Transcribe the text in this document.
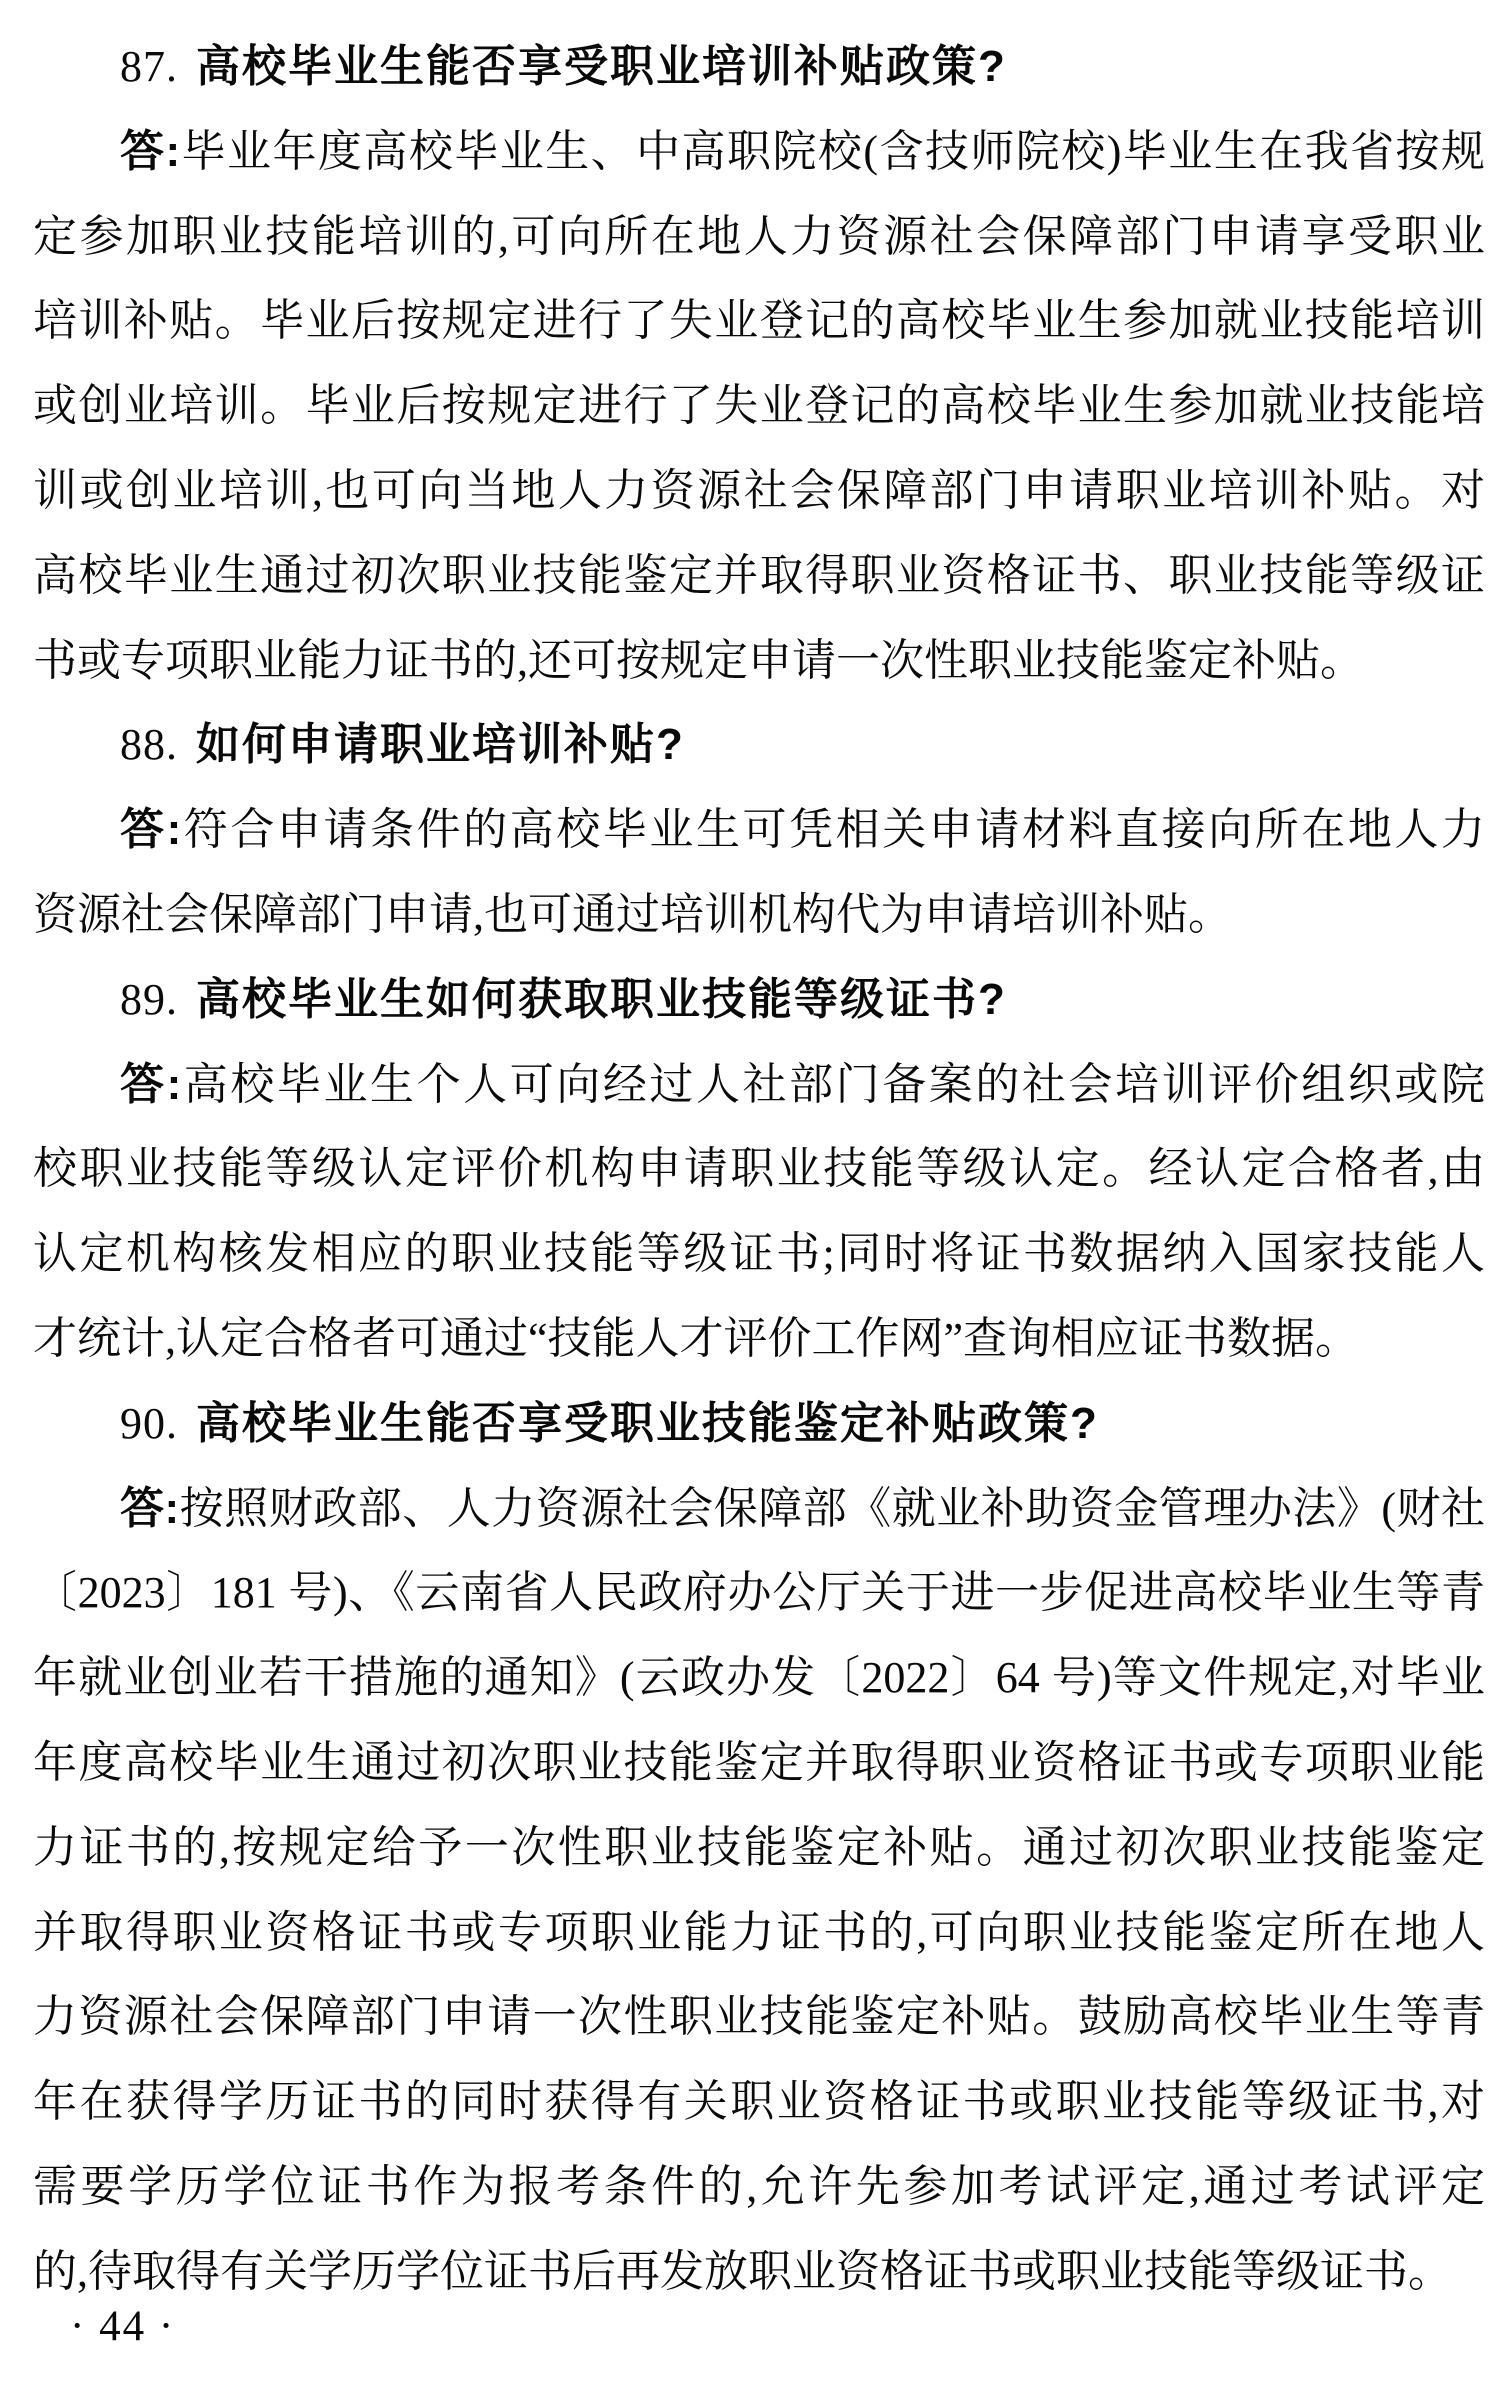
87. 高校毕业生能否享受职业培训补贴政策?
答:毕业年度高校毕业生、中高职院校(含技师院校)毕业生在我省按规
定参加职业技能培训的,可向所在地人力资源社会保障部门申请享受职业
培训补贴。毕业后按规定进行了失业登记的高校毕业生参加就业技能培训
或创业培训。毕业后按规定进行了失业登记的高校毕业生参加就业技能培
训或创业培训,也可向当地人力资源社会保障部门申请职业培训补贴。对
高校毕业生通过初次职业技能鉴定并取得职业资格证书、职业技能等级证
书或专项职业能力证书的,还可按规定申请一次性职业技能鉴定补贴。
88. 如何申请职业培训补贴?
答:符合申请条件的高校毕业生可凭相关申请材料直接向所在地人力
资源社会保障部门申请,也可通过培训机构代为申请培训补贴。
89. 高校毕业生如何获取职业技能等级证书?
答:高校毕业生个人可向经过人社部门备案的社会培训评价组织或院
校职业技能等级认定评价机构申请职业技能等级认定。经认定合格者,由
认定机构核发相应的职业技能等级证书;同时将证书数据纳入国家技能人
才统计,认定合格者可通过“技能人才评价工作网”查询相应证书数据。
90. 高校毕业生能否享受职业技能鉴定补贴政策?
答:按照财政部、人力资源社会保障部《就业补助资金管理办法》(财社
〔2023〕181 号)、《云南省人民政府办公厅关于进一步促进高校毕业生等青
年就业创业若干措施的通知》(云政办发〔2022〕64 号)等文件规定,对毕业
年度高校毕业生通过初次职业技能鉴定并取得职业资格证书或专项职业能
力证书的,按规定给予一次性职业技能鉴定补贴。通过初次职业技能鉴定
并取得职业资格证书或专项职业能力证书的,可向职业技能鉴定所在地人
力资源社会保障部门申请一次性职业技能鉴定补贴。鼓励高校毕业生等青
年在获得学历证书的同时获得有关职业资格证书或职业技能等级证书,对
需要学历学位证书作为报考条件的,允许先参加考试评定,通过考试评定
的,待取得有关学历学位证书后再发放职业资格证书或职业技能等级证书。
· 44 ·
